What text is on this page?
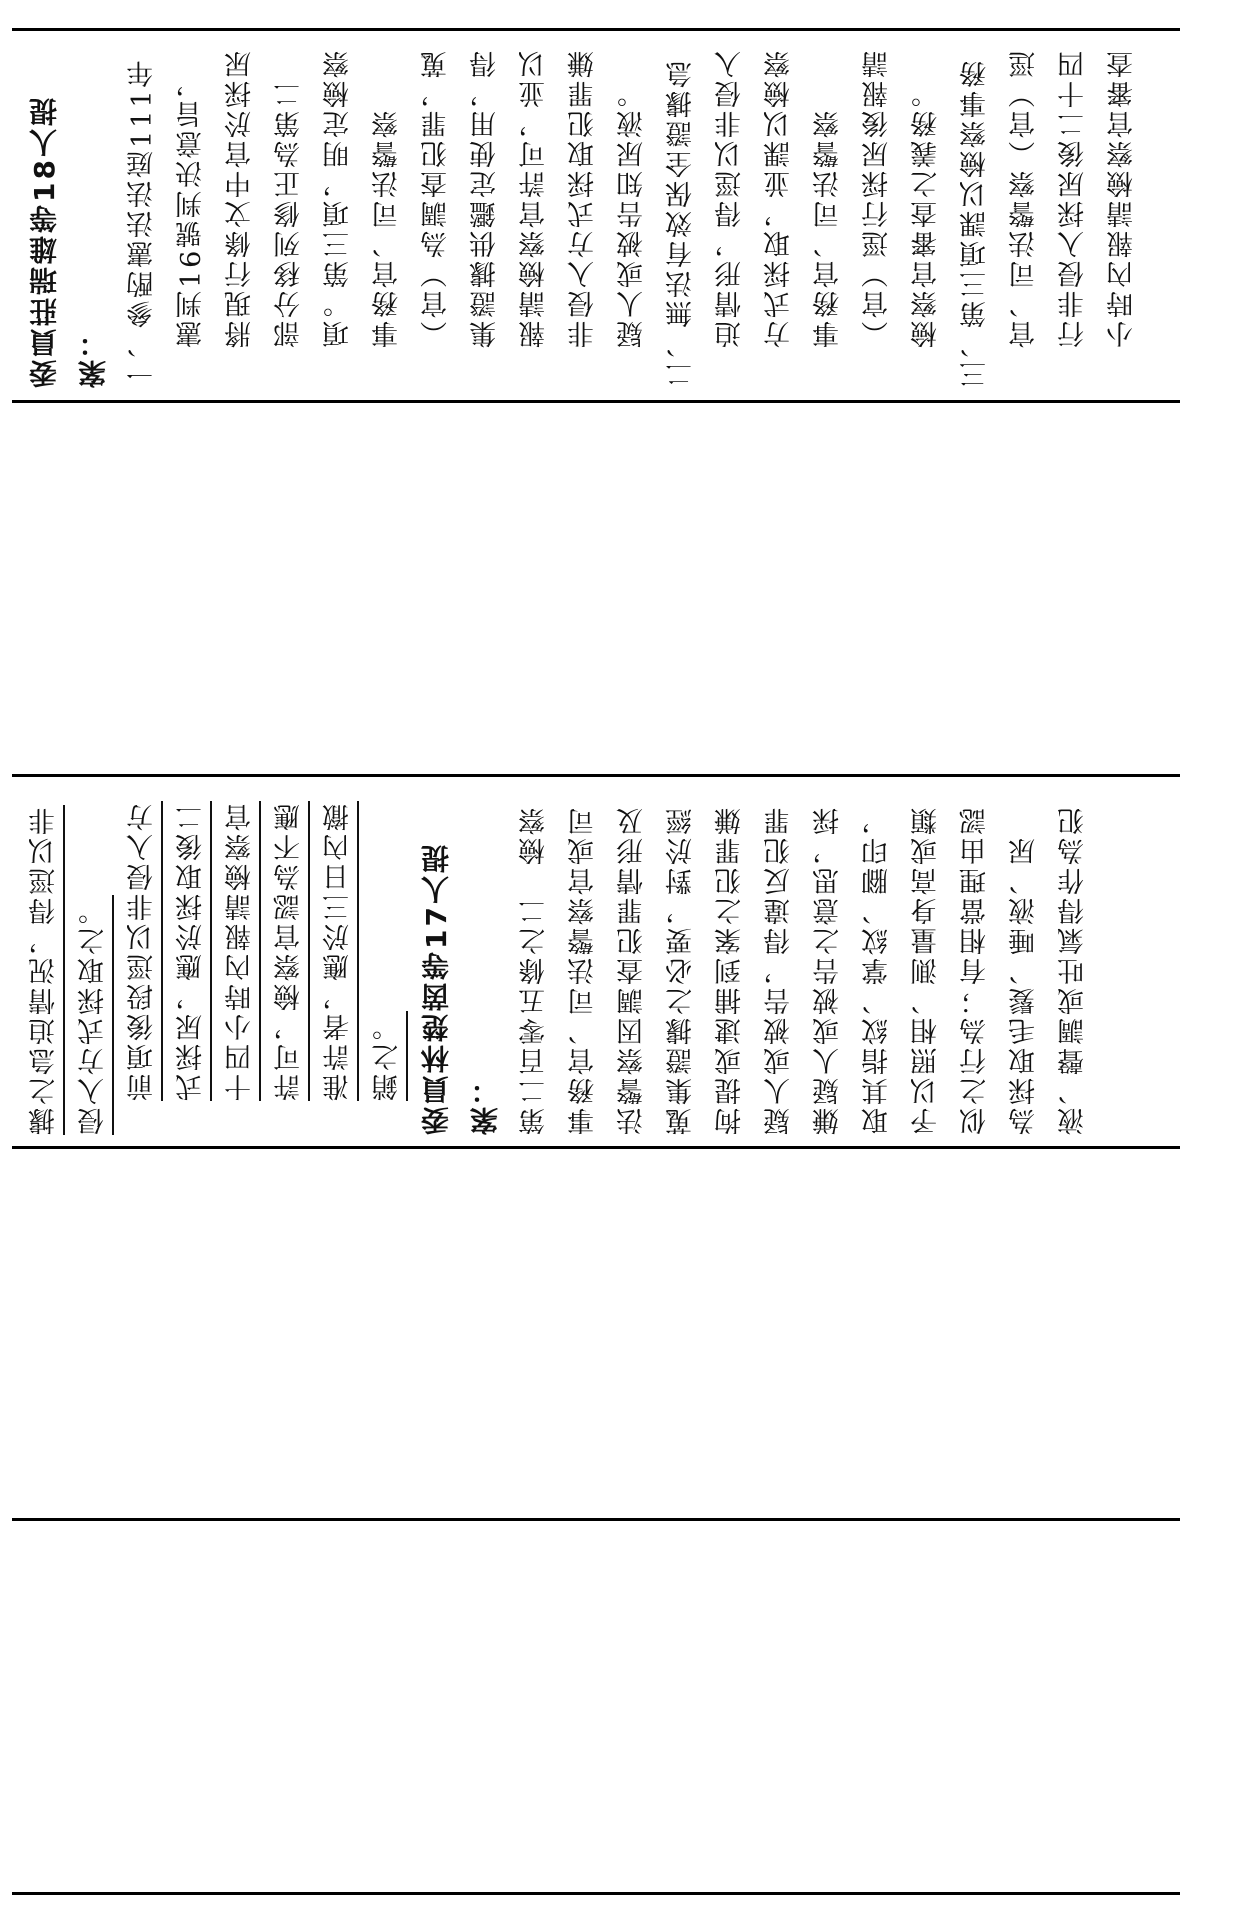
委員莊瑞雄等18人提案： 一、參酌憲法法庭111年憲判16號判決意旨，將現行條文中官於採尿部分移列修正為第二項。第三項，明定檢察事務官、司法警察（官）為調查犯罪，蒐集證據供鑑定使用，得報請檢察官許可，並以非侵入方式採取犯罪嫌疑人或被告知尿液。 二、無法有效保全證據急迫情形，得逕以非侵入方式採取，並課以檢察事務官、司法警察（官）逕行採尿後報請檢察官審查之義務。 三、第三項課以檢察事務官、司法警察（官）逕行非侵入採尿後二十四小時內報請檢察官審查
據之急迫情況，得逕以非侵入方式採取之。 前項後段逕以非侵入方式採尿，應於採取後二十四小時內報請檢察官許可，檢察官認為不應准許者，應於三日內撤銷之。 委員林楚茵等17人提案： 第二百零五條之二　檢察事務官、司法警察官或司法警察因調查犯罪情形及蒐集證據之必要，對於經拘提或逮捕到案之犯罪嫌疑人或被告，得違反犯罪嫌疑人或被告之意思，採取其指紋、掌紋、腳印，予以照相、測量身高或類似之行為；有相當理由認為採取毛髮、唾液、尿液、聲調或吐氣得作為犯
